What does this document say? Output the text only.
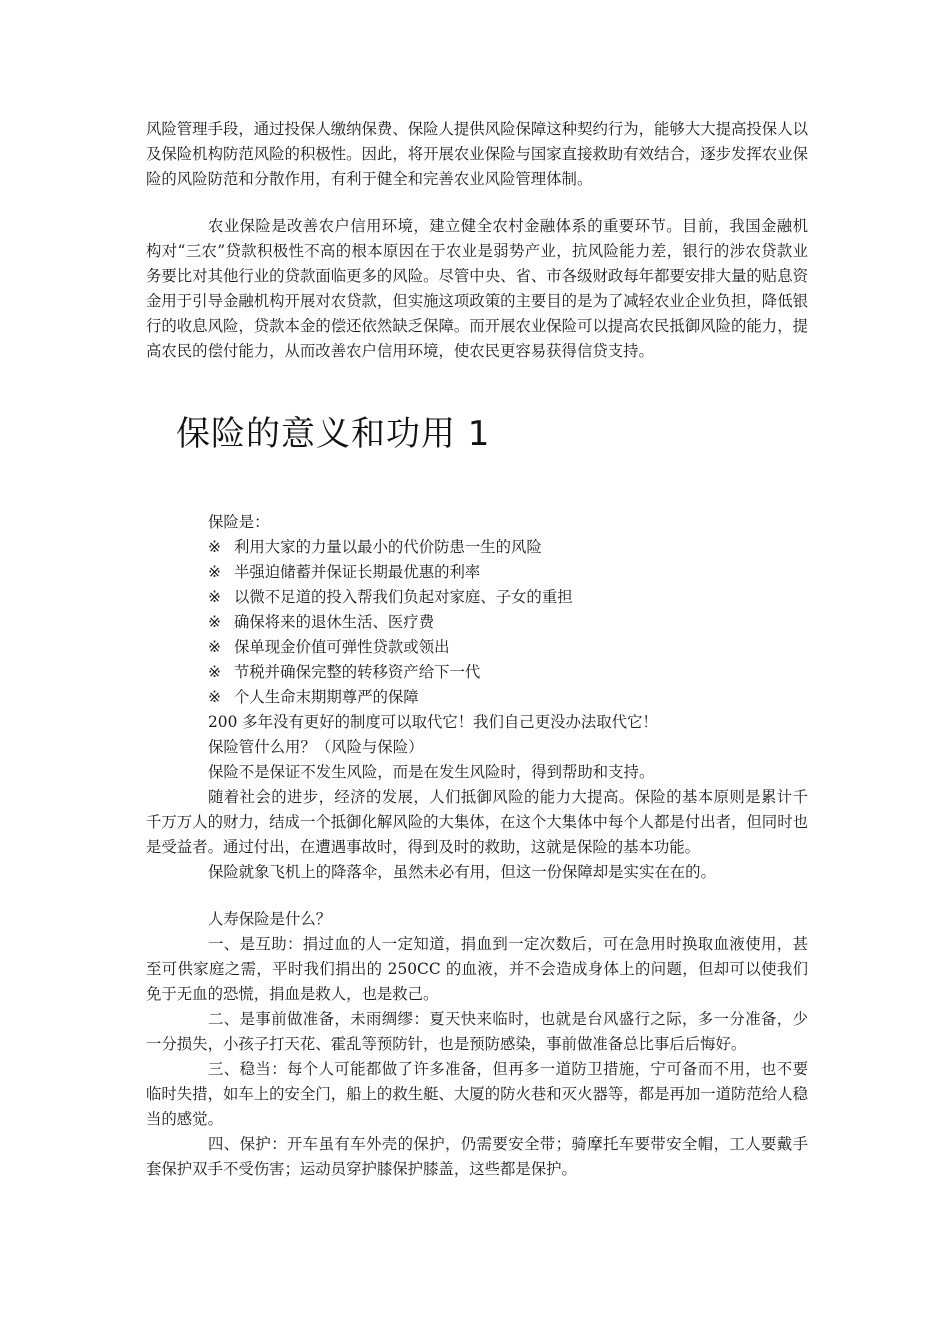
风险管理手段，通过投保人缴纳保费、保险人提供风险保障这种契约行为，能够大大提高投保人以及保险机构防范风险的积极性。因此，将开展农业保险与国家直接救助有效结合，逐步发挥农业保险的风险防范和分散作用，有利于健全和完善农业风险管理体制。

农业保险是改善农户信用环境，建立健全农村金融体系的重要环节。目前，我国金融机构对“三农”贷款积极性不高的根本原因在于农业是弱势产业，抗风险能力差，银行的涉农贷款业务要比对其他行业的贷款面临更多的风险。尽管中央、省、市各级财政每年都要安排大量的贴息资金用于引导金融机构开展对农贷款，但实施这项政策的主要目的是为了减轻农业企业负担，降低银行的收息风险，贷款本金的偿还依然缺乏保障。而开展农业保险可以提高农民抵御风险的能力，提高农民的偿付能力，从而改善农户信用环境，使农民更容易获得信贷支持。

保险的意义和功用 1

保险是：

※ 利用大家的力量以最小的代价防患一生的风险
※ 半强迫储蓄并保证长期最优惠的利率
※ 以微不足道的投入帮我们负起对家庭、子女的重担
※ 确保将来的退休生活、医疗费
※ 保单现金价值可弹性贷款或领出
※ 节税并确保完整的转移资产给下一代
※ 个人生命末期期尊严的保障

200 多年没有更好的制度可以取代它！我们自己更没办法取代它！

保险管什么用？（风险与保险）

保险不是保证不发生风险，而是在发生风险时，得到帮助和支持。

随着社会的进步，经济的发展，人们抵御风险的能力大提高。保险的基本原则是累计千千万万人的财力，结成一个抵御化解风险的大集体，在这个大集体中每个人都是付出者，但同时也是受益者。通过付出，在遭遇事故时，得到及时的救助，这就是保险的基本功能。

保险就象飞机上的降落伞，虽然未必有用，但这一份保障却是实实在在的。

人寿保险是什么？

一、是互助：捐过血的人一定知道，捐血到一定次数后，可在急用时换取血液使用，甚至可供家庭之需，平时我们捐出的 250CC 的血液，并不会造成身体上的问题，但却可以使我们免于无血的恐慌，捐血是救人，也是救己。

二、是事前做准备，未雨绸缪：夏天快来临时，也就是台风盛行之际，多一分准备，少一分损失，小孩子打天花、霍乱等预防针，也是预防感染，事前做准备总比事后后悔好。

三、稳当：每个人可能都做了许多准备，但再多一道防卫措施，宁可备而不用，也不要临时失措，如车上的安全门，船上的救生艇、大厦的防火巷和灭火器等，都是再加一道防范给人稳当的感觉。

四、保护：开车虽有车外壳的保护，仍需要安全带；骑摩托车要带安全帽，工人要戴手套保护双手不受伤害；运动员穿护膝保护膝盖，这些都是保护。
